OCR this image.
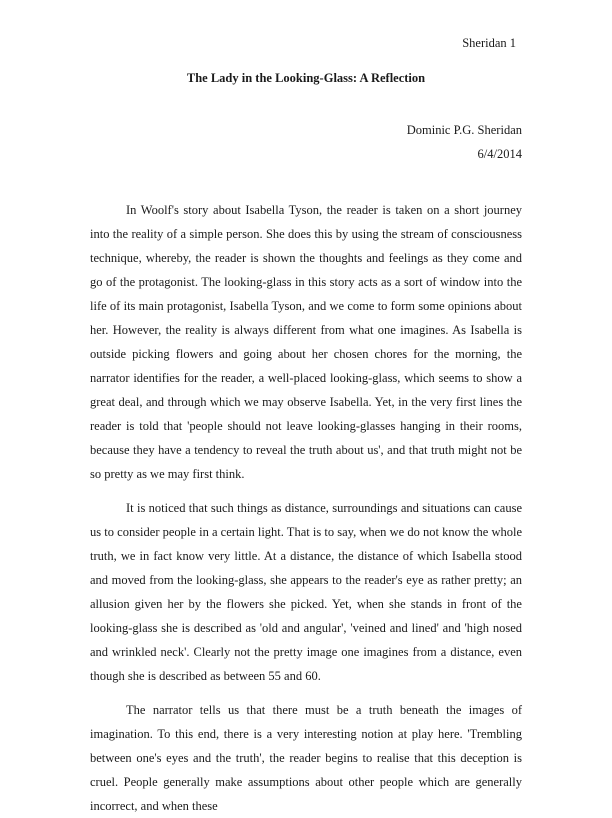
Sheridan 1
The Lady in the Looking-Glass: A Reflection
Dominic P.G. Sheridan
6/4/2014

In Woolf's story about Isabella Tyson, the reader is taken on a short journey into the reality of a simple person. She does this by using the stream of consciousness technique, whereby, the reader is shown the thoughts and feelings as they come and go of the protagonist. The looking-glass in this story acts as a sort of window into the life of its main protagonist, Isabella Tyson, and we come to form some opinions about her. However, the reality is always different from what one imagines. As Isabella is outside picking flowers and going about her chosen chores for the morning, the narrator identifies for the reader, a well-placed looking-glass, which seems to show a great deal, and through which we may observe Isabella. Yet, in the very first lines the reader is told that 'people should not leave looking-glasses hanging in their rooms, because they have a tendency to reveal the truth about us', and that truth might not be so pretty as we may first think.

It is noticed that such things as distance, surroundings and situations can cause us to consider people in a certain light. That is to say, when we do not know the whole truth, we in fact know very little. At a distance, the distance of which Isabella stood and moved from the looking-glass, she appears to the reader's eye as rather pretty; an allusion given her by the flowers she picked. Yet, when she stands in front of the looking-glass she is described as 'old and angular', 'veined and lined' and 'high nosed and wrinkled neck'. Clearly not the pretty image one imagines from a distance, even though she is described as between 55 and 60.

The narrator tells us that there must be a truth beneath the images of imagination. To this end, there is a very interesting notion at play here. 'Trembling between one's eyes and the truth', the reader begins to realise that this deception is cruel. People generally make assumptions about other people which are generally incorrect, and when these
